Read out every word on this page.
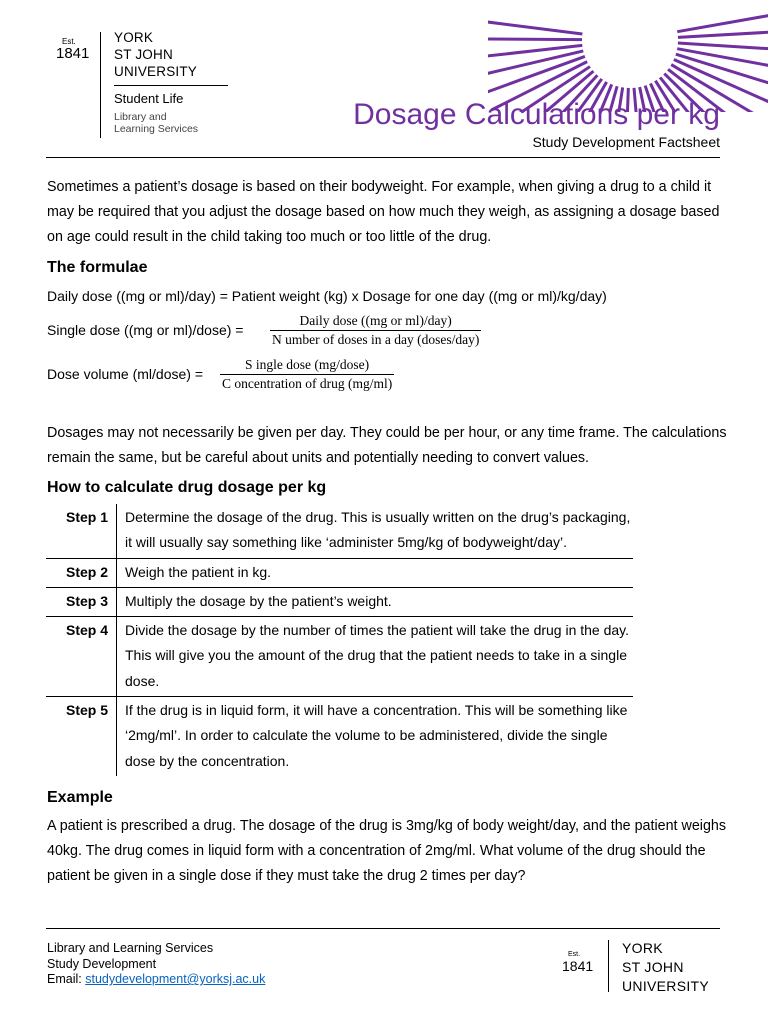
Est.
1841
YORK
ST JOHN
UNIVERSITY
Student Life
Library and
Learning Services	Dosage Calculations per kg
Study Development Factsheet

Sometimes a patient’s dosage is based on their bodyweight. For example, when giving a drug to a child it may be required that you adjust the dosage based on how much they weigh, as assigning a dosage based on age could result in the child taking too much or too little of the drug.

The formulae
Daily dose ((mg or ml)/day) = Patient weight (kg) x Dosage for one day ((mg or ml)/kg/day)
Single dose ((mg or ml)/dose) =
Daily dose ((mg or ml)/day)
N umber of doses in a day (doses/day)
Dose volume (ml/dose) =
S ingle dose (mg/dose)
C oncentration of drug (mg/ml)

Dosages may not necessarily be given per day. They could be per hour, or any time frame. The calculations remain the same, but be careful about units and potentially needing to convert values.

How to calculate drug dosage per kg
Step 1	Determine the dosage of the drug. This is usually written on the drug’s packaging, it will usually say something like ‘administer 5mg/kg of bodyweight/day’.
Step 2	Weigh the patient in kg.
Step 3	Multiply the dosage by the patient’s weight.
Step 4	Divide the dosage by the number of times the patient will take the drug in the day. This will give you the amount of the drug that the patient needs to take in a single dose.
Step 5	If the drug is in liquid form, it will have a concentration. This will be something like ‘2mg/ml’. In order to calculate the volume to be administered, divide the single dose by the concentration.
Example

A patient is prescribed a drug. The dosage of the drug is 3mg/kg of body weight/day, and the patient weighs 40kg. The drug comes in liquid form with a concentration of 2mg/ml. What volume of the drug should the patient be given in a single dose if they must take the drug 2 times per day?

Library and Learning Services
Study Development
Email: studydevelopment@yorksj.ac.uk
Est.
1841
YORK
ST JOHN
UNIVERSITY
